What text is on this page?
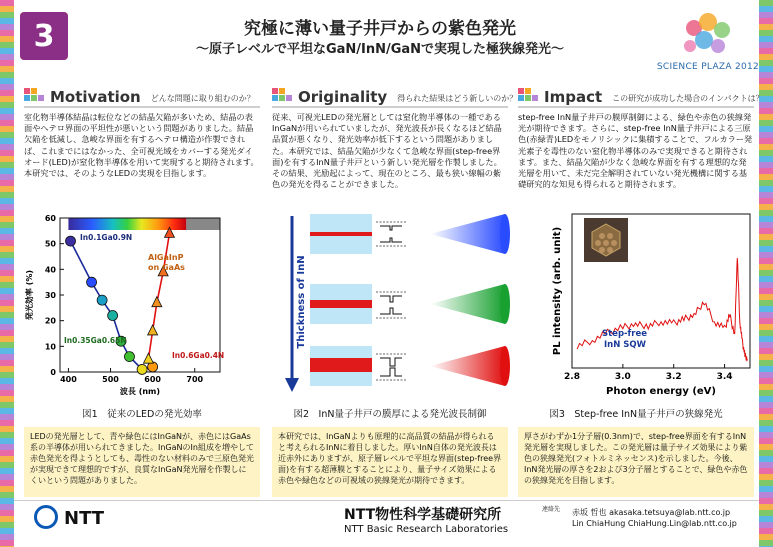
3	究極に薄い量子井戸からの紫色発光
〜原子レベルで平坦なGaN/InN/GaNで実現した極狭線発光〜
SCIENCE PLAZA 2012
Motivation どんな問題に取り組むのか？	Originality 得られた結果はどう新しいのか？ Impact この研究が成功した場合のインパクトは？
室化物半導体結晶は転位などの結晶欠陥が多いため、結晶の表面やヘテロ界面の平坦性が悪いという問題がありました。結晶欠陥を低減し、急峻な界面を有するヘテロ構造が作製できれば、これまでにはなかった、全可視光域をカバーする発光ダイオード(LED)が窒化物半導体を用いて実現すると期待されます。本研究では、そのようなLEDの実現を目指します。
従来、可視光LEDの発光層としては窒化物半導体の一種であるInGaNが用いられていましたが、発光波長が長くなるほど結晶品質が悪くなり、発光効率が低下するという問題がありました。本研究では、結晶欠陥が少なくて急峻な界面(step-free界面)を有するInN量子井戸という新しい発光層を作製しました。その結果、光励起によって、現在のところ、最も狭い線幅の紫色の発光を得ることができました。
step-free InN量子井戸の膜厚制御による、緑色や赤色の狭線発光が期待できます。さらに、step-free InN量子井戸による三原色(赤緑青)LEDをモノリシックに集積することで、フルカラー発光素子を毒性のない窒化物半導体のみで実現できると期待されます。また、結晶欠陥が少なく急峻な界面を有する理想的な発光層を用いて、未だ完全解明されていない発光機構に関する基礎研究的な知見も得られると期待されます。
400	500	600	700
0
10
20
30
40
50
60
波長 (nm)
発光効率 (%)
In0.1Ga0.9N
In0.35Ga0.65N
In0.6Ga0.4N
AlGaInP
on GaAs	Thickness of InN
2.8	3.0	3.2	3.4
Step-free
InN SQW
Photon energy (eV)
PL intensity (arb. unit)
図1　従来のLEDの発光効率	図2　InN量子井戸の膜厚による発光波長制御	図3　Step-free InN量子井戸の狭線発光
LEDの発光層として、青や緑色にはInGaNが、赤色にはGaAs系の半導体が用いられてきました。InGaNのIn組成を増やして赤色発光を得ようとしても、毒性のない材料のみで三原色発光が実現できて理想的ですが、良質なInGaN発光層を作製しにくいという問題がありました。
本研究では、InGaNよりも原理的に高品質の結晶が得られると考えられるInNに着目しました。厚いInN自体の発光波長は近赤外にありますが、原子層レベルで平坦な界面(step-free界面)を有する超薄膜とすることにより、量子サイズ効果による赤色や緑色などの可視域の狭線発光が期待できます。
厚さがわずか1分子層(0.3nm)で、step-free界面を有するInN発光層を実現しました。この発光層は量子サイズ効果により紫色の狭線発光(フォトルミネッセンス)を示しました。今後、InN発光層の厚さを2および3分子層とすることで、緑色や赤色の狭線発光を目指します。
NTT	NTT物性科学基礎研究所
NTT Basic Research Laboratories
連絡先 赤坂 哲也 akasaka.tetsuya@lab.ntt.co.jp
Lin ChiaHung ChiaHung.Lin@lab.ntt.co.jp
